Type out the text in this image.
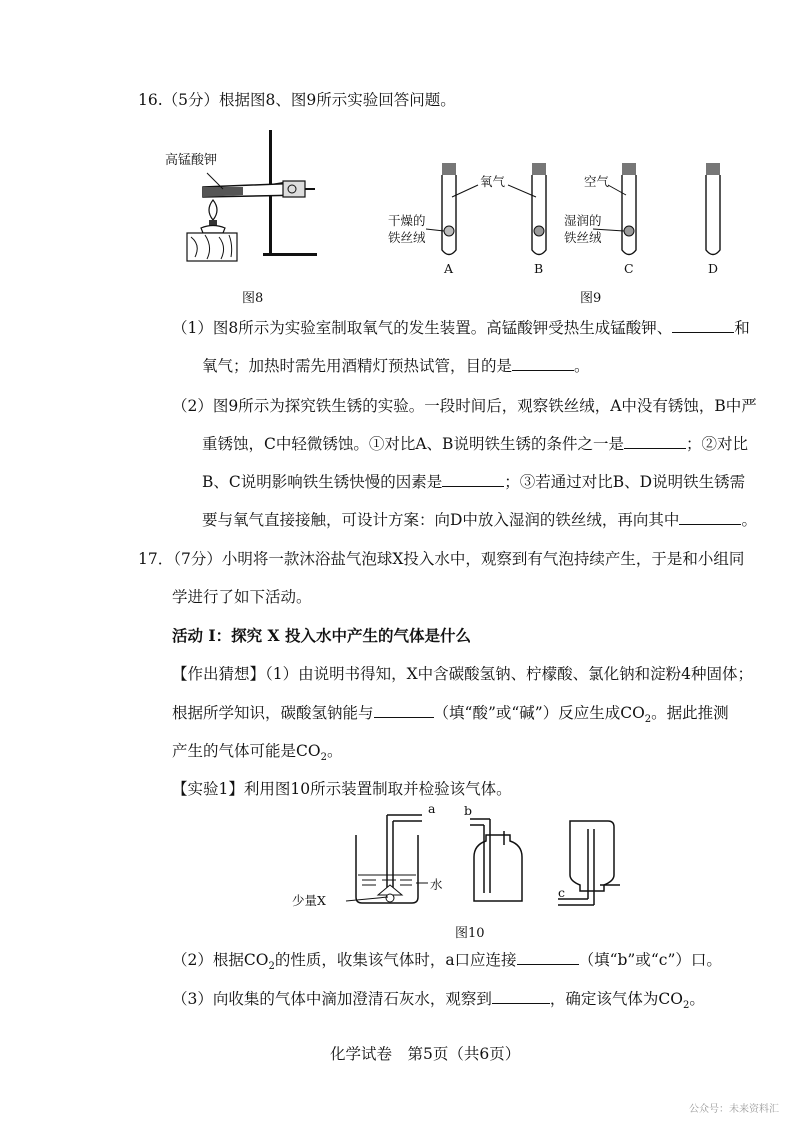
16.（5分）根据图8、图9所示实验回答问题。
高锰酸钾
图8
干燥的
铁丝绒
氧气	空气
湿润的
铁丝绒
A	B	C	D
图9
（1）图8所示为实验室制取氧气的发生装置。高锰酸钾受热生成锰酸钾、	和
氧气；加热时需先用酒精灯预热试管，目的是	。
（2）图9所示为探究铁生锈的实验。一段时间后，观察铁丝绒，A中没有锈蚀，B中严
重锈蚀，C中轻微锈蚀。①对比A、B说明铁生锈的条件之一是	；②对比
B、C说明影响铁生锈快慢的因素是	；③若通过对比B、D说明铁生锈需
要与氧气直接接触，可设计方案：向D中放入湿润的铁丝绒，再向其中	。
17．（7分）小明将一款沐浴盐气泡球X投入水中，观察到有气泡持续产生，于是和小组同
学进行了如下活动。
活动 I：探究 X 投入水中产生的气体是什么
【作出猜想】（1）由说明书得知，X中含碳酸氢钠、柠檬酸、氯化钠和淀粉4种固体；
根据所学知识，碳酸氢钠能与	（填“酸”或“碱”）反应生成$CO_2$。据此推测
产生的气体可能是$CO_2$。
【实验1】利用图10所示装置制取并检验该气体。
a b
c
水
少量X
图10
（2）根据$CO_2$的性质，收集该气体时，a口应连接	（填“b”或“c”）口。
（3）向收集的气体中滴加澄清石灰水，观察到	，确定该气体为$CO_2$。
化学试卷　第5页（共6页）
公众号：未来资料汇
